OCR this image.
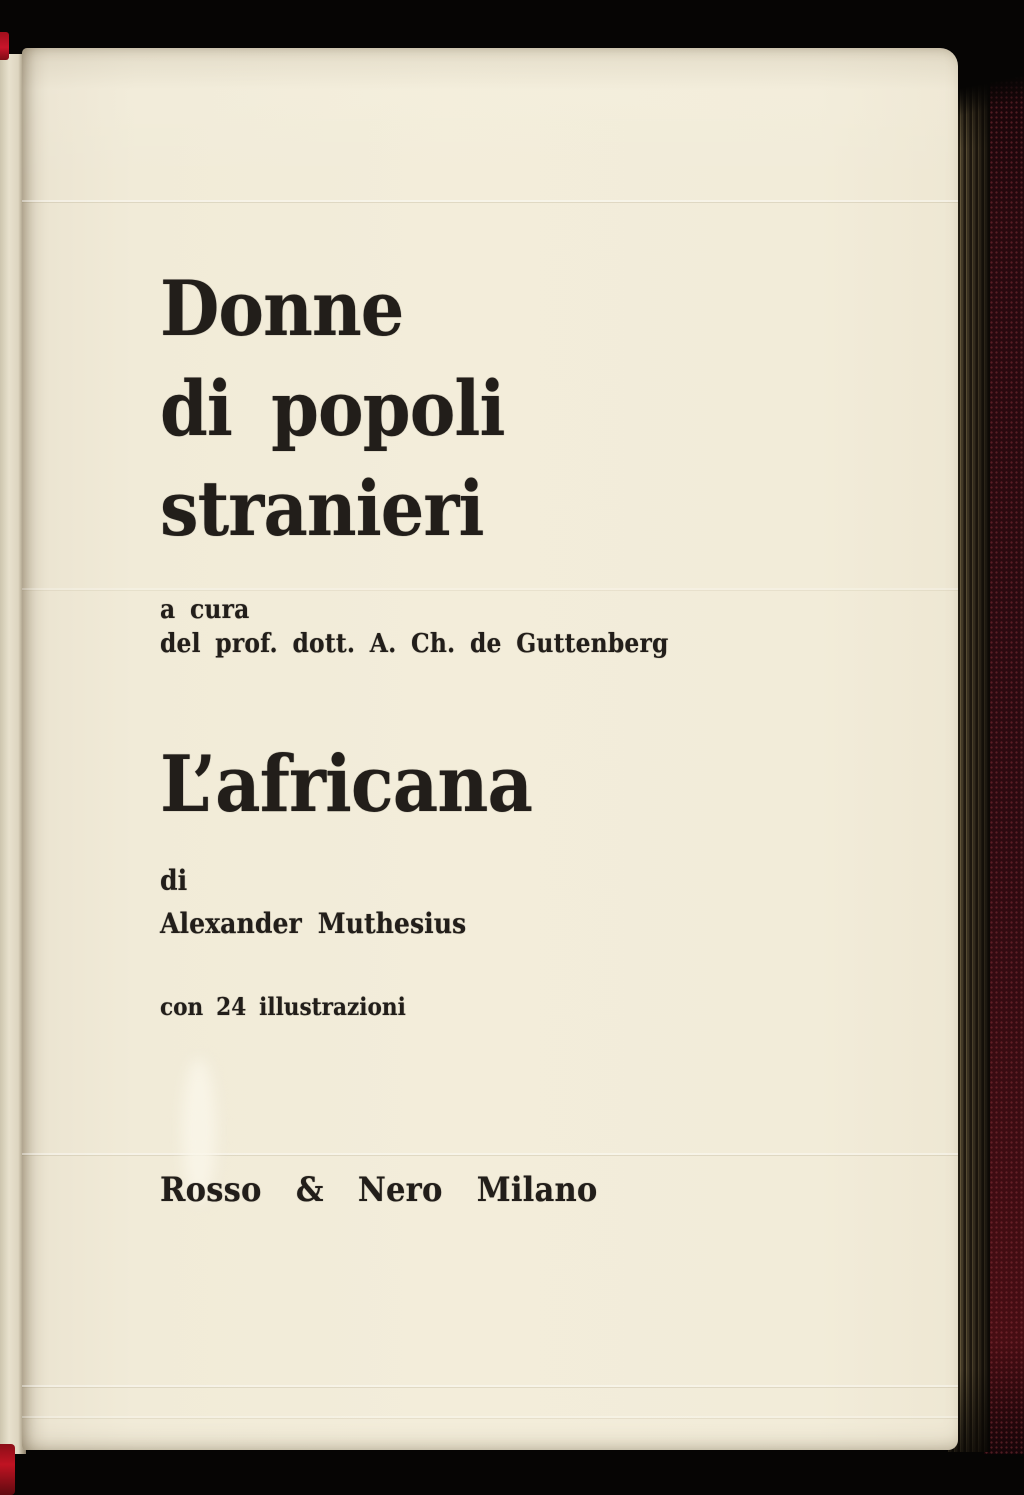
Donne
di popoli
stranieri
a cura
del prof. dott. A. Ch. de Guttenberg
L’africana
di
Alexander Muthesius
con 24 illustrazioni
Rosso & Nero Milano
